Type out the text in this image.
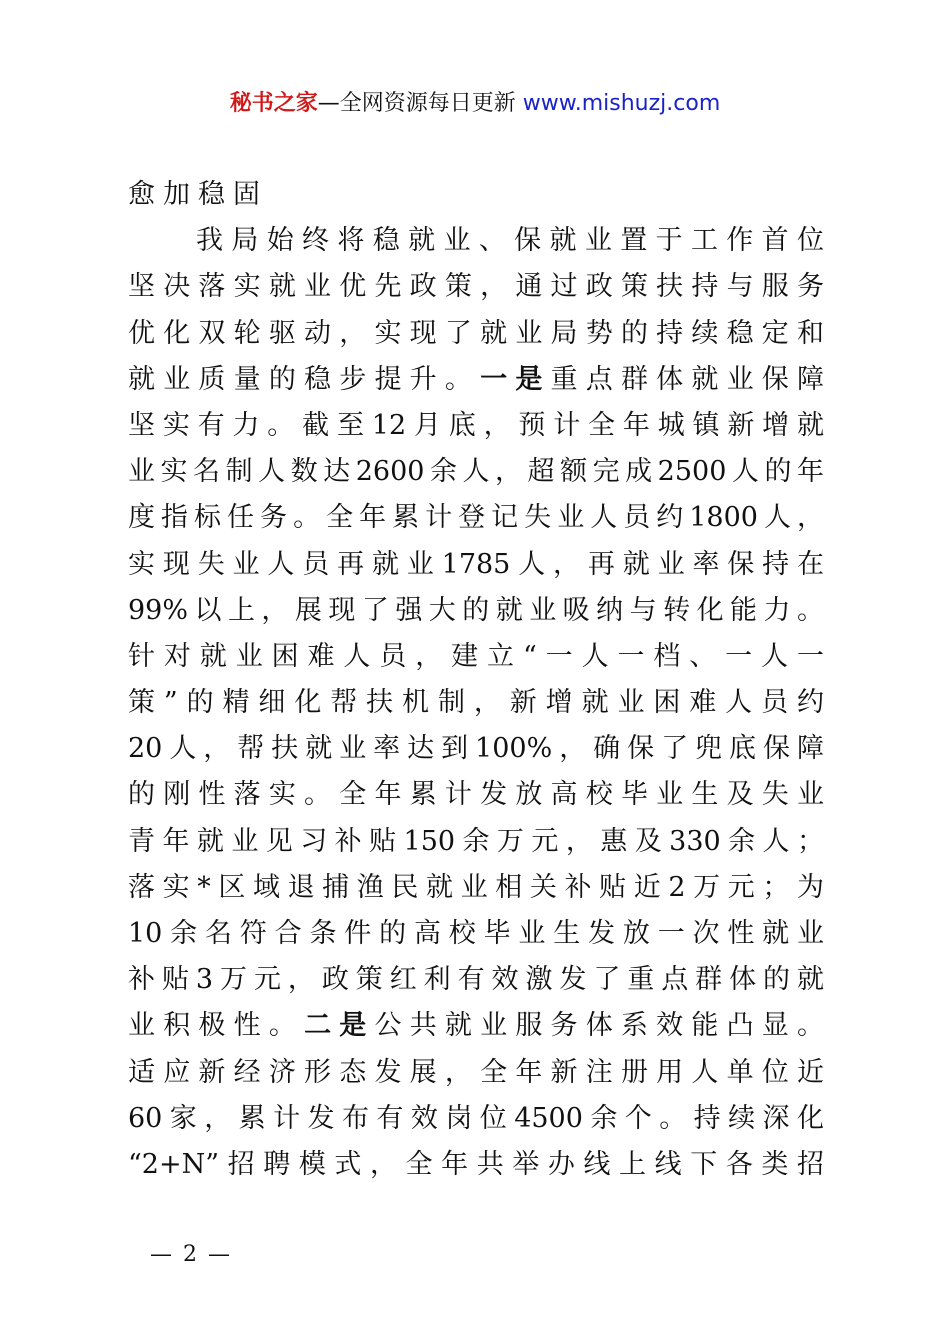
秘书之家—全网资源每日更新 www.mishuzj.com
愈加稳固
我局始终将稳就业、保就业置于工作首位
坚决落实就业优先政策，通过政策扶持与服务
优化双轮驱动，实现了就业局势的持续稳定和
就业质量的稳步提升。一是重点群体就业保障
坚实有力。截至12月底，预计全年城镇新增就
业实名制人数达2600余人，超额完成2500人的年
度指标任务。全年累计登记失业人员约1800人，
实现失业人员再就业1785人，再就业率保持在
99%以上，展现了强大的就业吸纳与转化能力。
针对就业困难人员，建立“一人一档、一人一
策”的精细化帮扶机制，新增就业困难人员约
20人，帮扶就业率达到100%，确保了兜底保障
的刚性落实。全年累计发放高校毕业生及失业
青年就业见习补贴150余万元，惠及330余人；
落实*区域退捕渔民就业相关补贴近2万元；为
10余名符合条件的高校毕业生发放一次性就业
补贴3万元，政策红利有效激发了重点群体的就
业积极性。二是公共就业服务体系效能凸显。
适应新经济形态发展，全年新注册用人单位近
60家，累计发布有效岗位4500余个。持续深化
“2+N”招聘模式，全年共举办线上线下各类招
— 2 —
